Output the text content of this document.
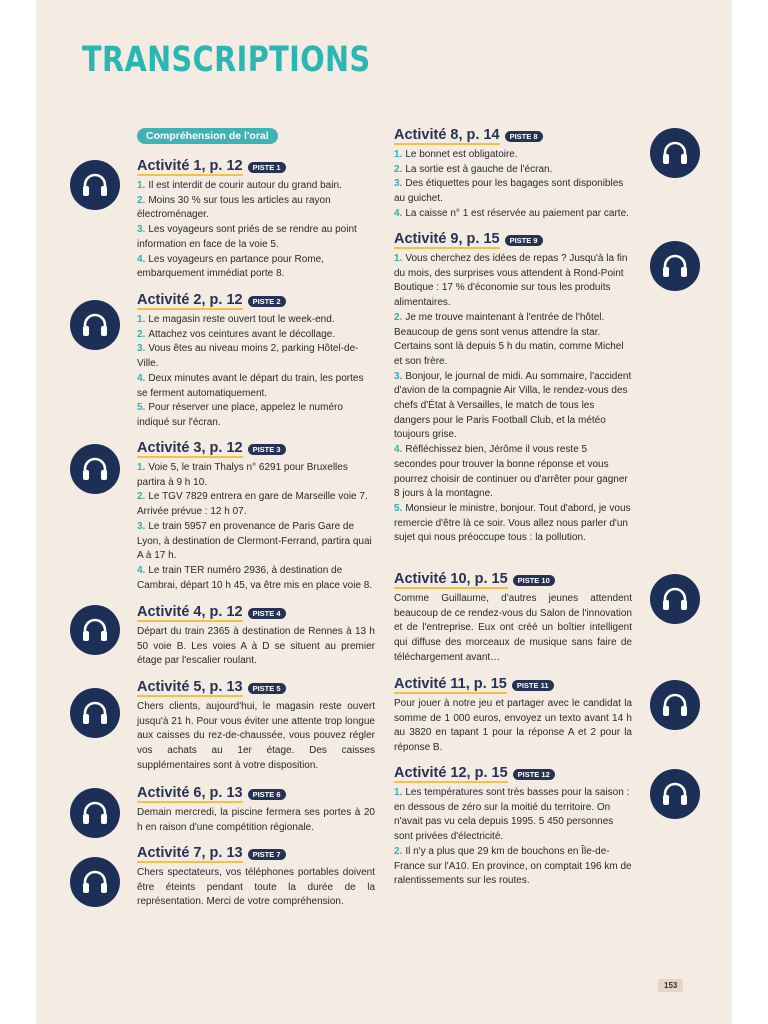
TRANSCRIPTIONS
Compréhension de l'oral
Activité 1, p. 12	PISTE 1
1. Il est interdit de courir autour du grand bain.
2. Moins 30 % sur tous les articles au rayon électroménager.
3. Les voyageurs sont priés de se rendre au point information en face de la voie 5.
4. Les voyageurs en partance pour Rome, embarquement immédiat porte 8.
Activité 2, p. 12	PISTE 2
1. Le magasin reste ouvert tout le week-end.
2. Attachez vos ceintures avant le décollage.
3. Vous êtes au niveau moins 2, parking Hôtel-de-Ville.
4. Deux minutes avant le départ du train, les portes se ferment automatiquement.
5. Pour réserver une place, appelez le numéro indiqué sur l'écran.
Activité 3, p. 12	PISTE 3
1. Voie 5, le train Thalys n° 6291 pour Bruxelles partira à 9 h 10.
2. Le TGV 7829 entrera en gare de Marseille voie 7. Arrivée prévue : 12 h 07.
3. Le train 5957 en provenance de Paris Gare de Lyon, à destination de Clermont-Ferrand, partira quai A à 17 h.
4. Le train TER numéro 2936, à destination de Cambrai, départ 10 h 45, va être mis en place voie 8.
Activité 4, p. 12	PISTE 4
Départ du train 2365 à destination de Rennes à 13 h 50 voie B. Les voies A à D se situent au premier étage par l'escalier roulant.
Activité 5, p. 13	PISTE 5
Chers clients, aujourd'hui, le magasin reste ouvert jusqu'à 21 h. Pour vous éviter une attente trop longue aux caisses du rez-de-chaussée, vous pouvez régler vos achats au 1er étage. Des caisses supplémentaires sont à votre disposition.
Activité 6, p. 13	PISTE 6
Demain mercredi, la piscine fermera ses portes à 20 h en raison d'une compétition régionale.
Activité 7, p. 13	PISTE 7
Chers spectateurs, vos téléphones portables doivent être éteints pendant toute la durée de la représentation. Merci de votre compréhension.
Activité 8, p. 14	PISTE 8
1. Le bonnet est obligatoire.
2. La sortie est à gauche de l'écran.
3. Des étiquettes pour les bagages sont disponibles au guichet.
4. La caisse n° 1 est réservée au paiement par carte.
Activité 9, p. 15	PISTE 9
1. Vous cherchez des idées de repas ? Jusqu'à la fin du mois, des surprises vous attendent à Rond-Point Boutique : 17 % d'économie sur tous les produits alimentaires.
2. Je me trouve maintenant à l'entrée de l'hôtel. Beaucoup de gens sont venus attendre la star. Certains sont là depuis 5 h du matin, comme Michel et son frère.
3. Bonjour, le journal de midi. Au sommaire, l'accident d'avion de la compagnie Air Villa, le rendez-vous des chefs d'État à Versailles, le match de tous les dangers pour le Paris Football Club, et la météo toujours grise.
4. Réfléchissez bien, Jérôme il vous reste 5 secondes pour trouver la bonne réponse et vous pourrez choisir de continuer ou d'arrêter pour gagner 8 jours à la montagne.
5. Monsieur le ministre, bonjour. Tout d'abord, je vous remercie d'être là ce soir. Vous allez nous parler d'un sujet qui nous préoccupe tous : la pollution.
Activité 10, p. 15	PISTE 10
Comme Guillaume, d'autres jeunes attendent beaucoup de ce rendez-vous du Salon de l'innovation et de l'entreprise. Eux ont créé un boîtier intelligent qui diffuse des morceaux de musique sans faire de téléchargement avant…
Activité 11, p. 15	PISTE 11
Pour jouer à notre jeu et partager avec le candidat la somme de 1 000 euros, envoyez un texto avant 14 h au 3820 en tapant 1 pour la réponse A et 2 pour la réponse B.
Activité 12, p. 15	PISTE 12
1. Les températures sont très basses pour la saison : en dessous de zéro sur la moitié du territoire. On n'avait pas vu cela depuis 1995. 5 450 personnes sont privées d'électricité.
2. Il n'y a plus que 29 km de bouchons en Île-de-France sur l'A10. En province, on comptait 196 km de ralentissements sur les routes.
153
